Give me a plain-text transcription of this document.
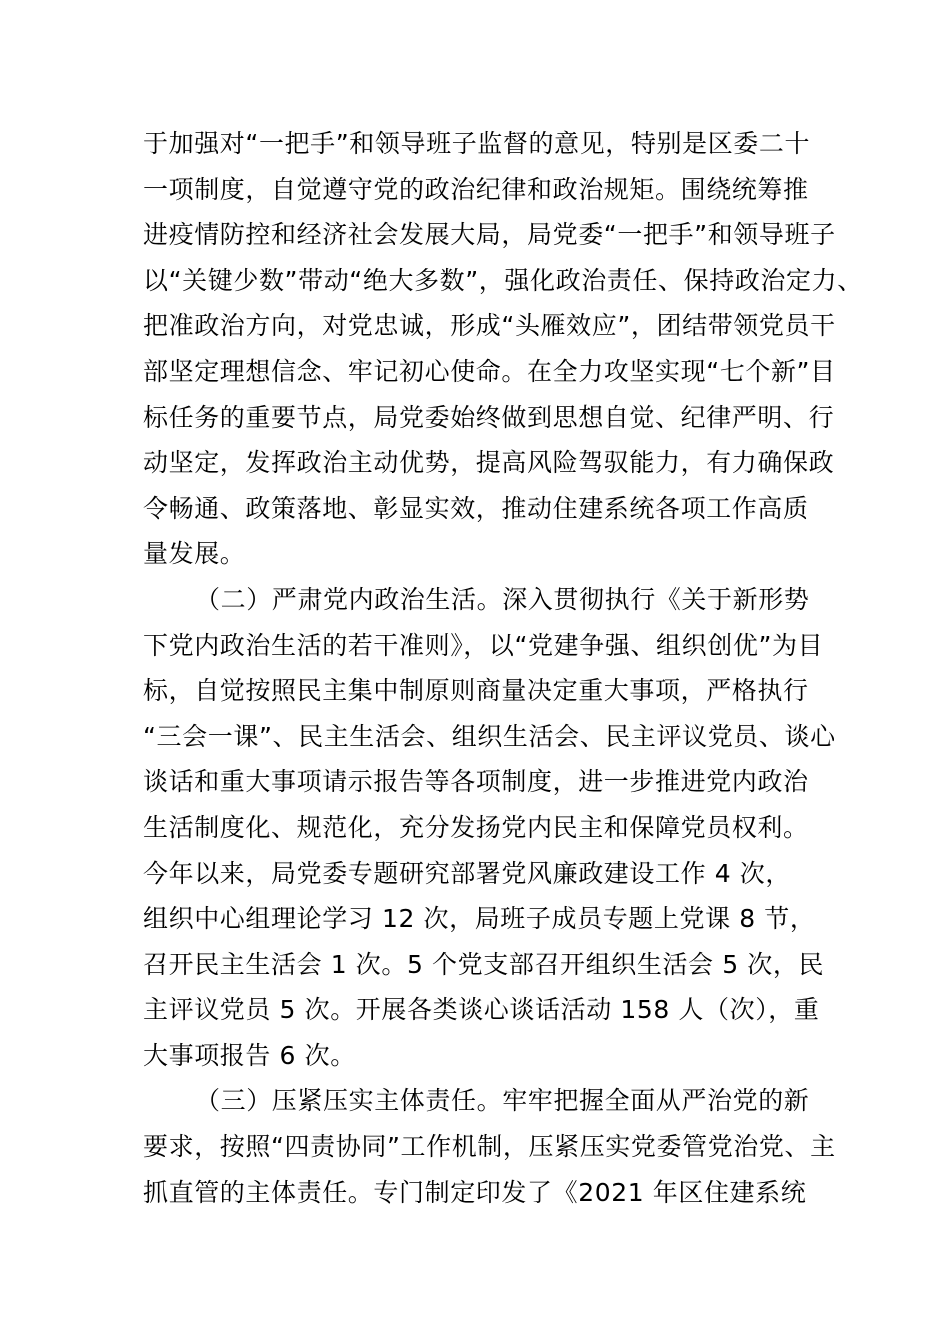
于加强对“一把手”和领导班子监督的意见，特别是区委二十
一项制度，自觉遵守党的政治纪律和政治规矩。围绕统筹推
进疫情防控和经济社会发展大局，局党委“一把手”和领导班子
以“关键少数”带动“绝大多数”，强化政治责任、保持政治定力、
把准政治方向，对党忠诚，形成“头雁效应”，团结带领党员干
部坚定理想信念、牢记初心使命。在全力攻坚实现“七个新”目
标任务的重要节点，局党委始终做到思想自觉、纪律严明、行
动坚定，发挥政治主动优势，提高风险驾驭能力，有力确保政
令畅通、政策落地、彰显实效，推动住建系统各项工作高质
量发展。
（二）严肃党内政治生活。深入贯彻执行《关于新形势
下党内政治生活的若干准则》，以“党建争强、组织创优”为目
标，自觉按照民主集中制原则商量决定重大事项，严格执行
“三会一课”、民主生活会、组织生活会、民主评议党员、谈心
谈话和重大事项请示报告等各项制度，进一步推进党内政治
生活制度化、规范化，充分发扬党内民主和保障党员权利。
今年以来，局党委专题研究部署党风廉政建设工作 4 次，
组织中心组理论学习 12 次，局班子成员专题上党课 8 节，
召开民主生活会 1 次。5 个党支部召开组织生活会 5 次，民
主评议党员 5 次。开展各类谈心谈话活动 158 人（次），重
大事项报告 6 次。
（三）压紧压实主体责任。牢牢把握全面从严治党的新
要求，按照“四责协同”工作机制，压紧压实党委管党治党、主
抓直管的主体责任。专门制定印发了《2021 年区住建系统
